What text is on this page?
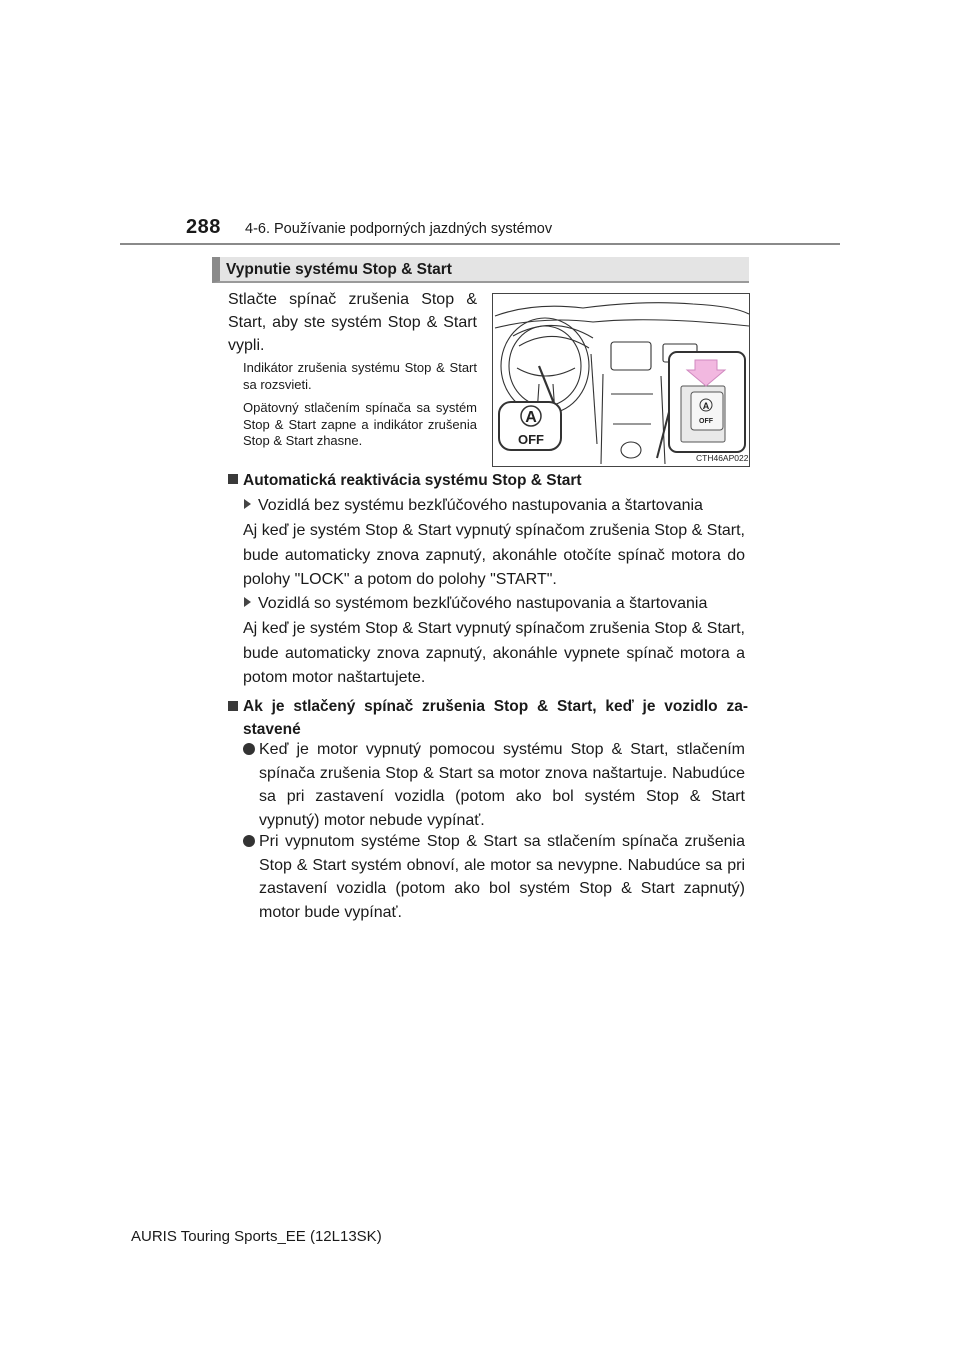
288 4-6. Používanie podporných jazdných systémov
Vypnutie systému Stop & Start
Stlačte spínač zrušenia Stop & Start, aby ste systém Stop & Start vypli.
Indikátor zrušenia systému Stop & Start sa rozsvieti.
Opätovný stlačením spínača sa systém Stop & Start zapne a indikátor zrušenia Stop & Start zhasne.
A
OFF
A
OFF
CTH46AP022
Automatická reaktivácia systému Stop & Start
Vozidlá bez systému bezkľúčového nastupovania a štartovania
Aj keď je systém Stop & Start vypnutý spínačom zrušenia Stop & Start, bude automaticky znova zapnutý, akonáhle otočíte spínač motora do polohy "LOCK" a potom do polohy "START".
Vozidlá so systémom bezkľúčového nastupovania a štartovania
Aj keď je systém Stop & Start vypnutý spínačom zrušenia Stop & Start, bude automaticky znova zapnutý, akonáhle vypnete spínač motora a potom motor naštartujete.
Ak je stlačený spínač zrušenia Stop & Start, keď je vozidlo zastavené
Keď je motor vypnutý pomocou systému Stop & Start, stlačením spínača zrušenia Stop & Start sa motor znova naštartuje. Nabudúce sa pri zastavení vozidla (potom ako bol systém Stop & Start vypnutý) motor nebude vypínať.
Pri vypnutom systéme Stop & Start sa stlačením spínača zrušenia Stop & Start systém obnoví, ale motor sa nevypne. Nabudúce sa pri zastavení vozidla (potom ako bol systém Stop & Start zapnutý) motor bude vypínať.
AURIS Touring Sports_EE (12L13SK)
